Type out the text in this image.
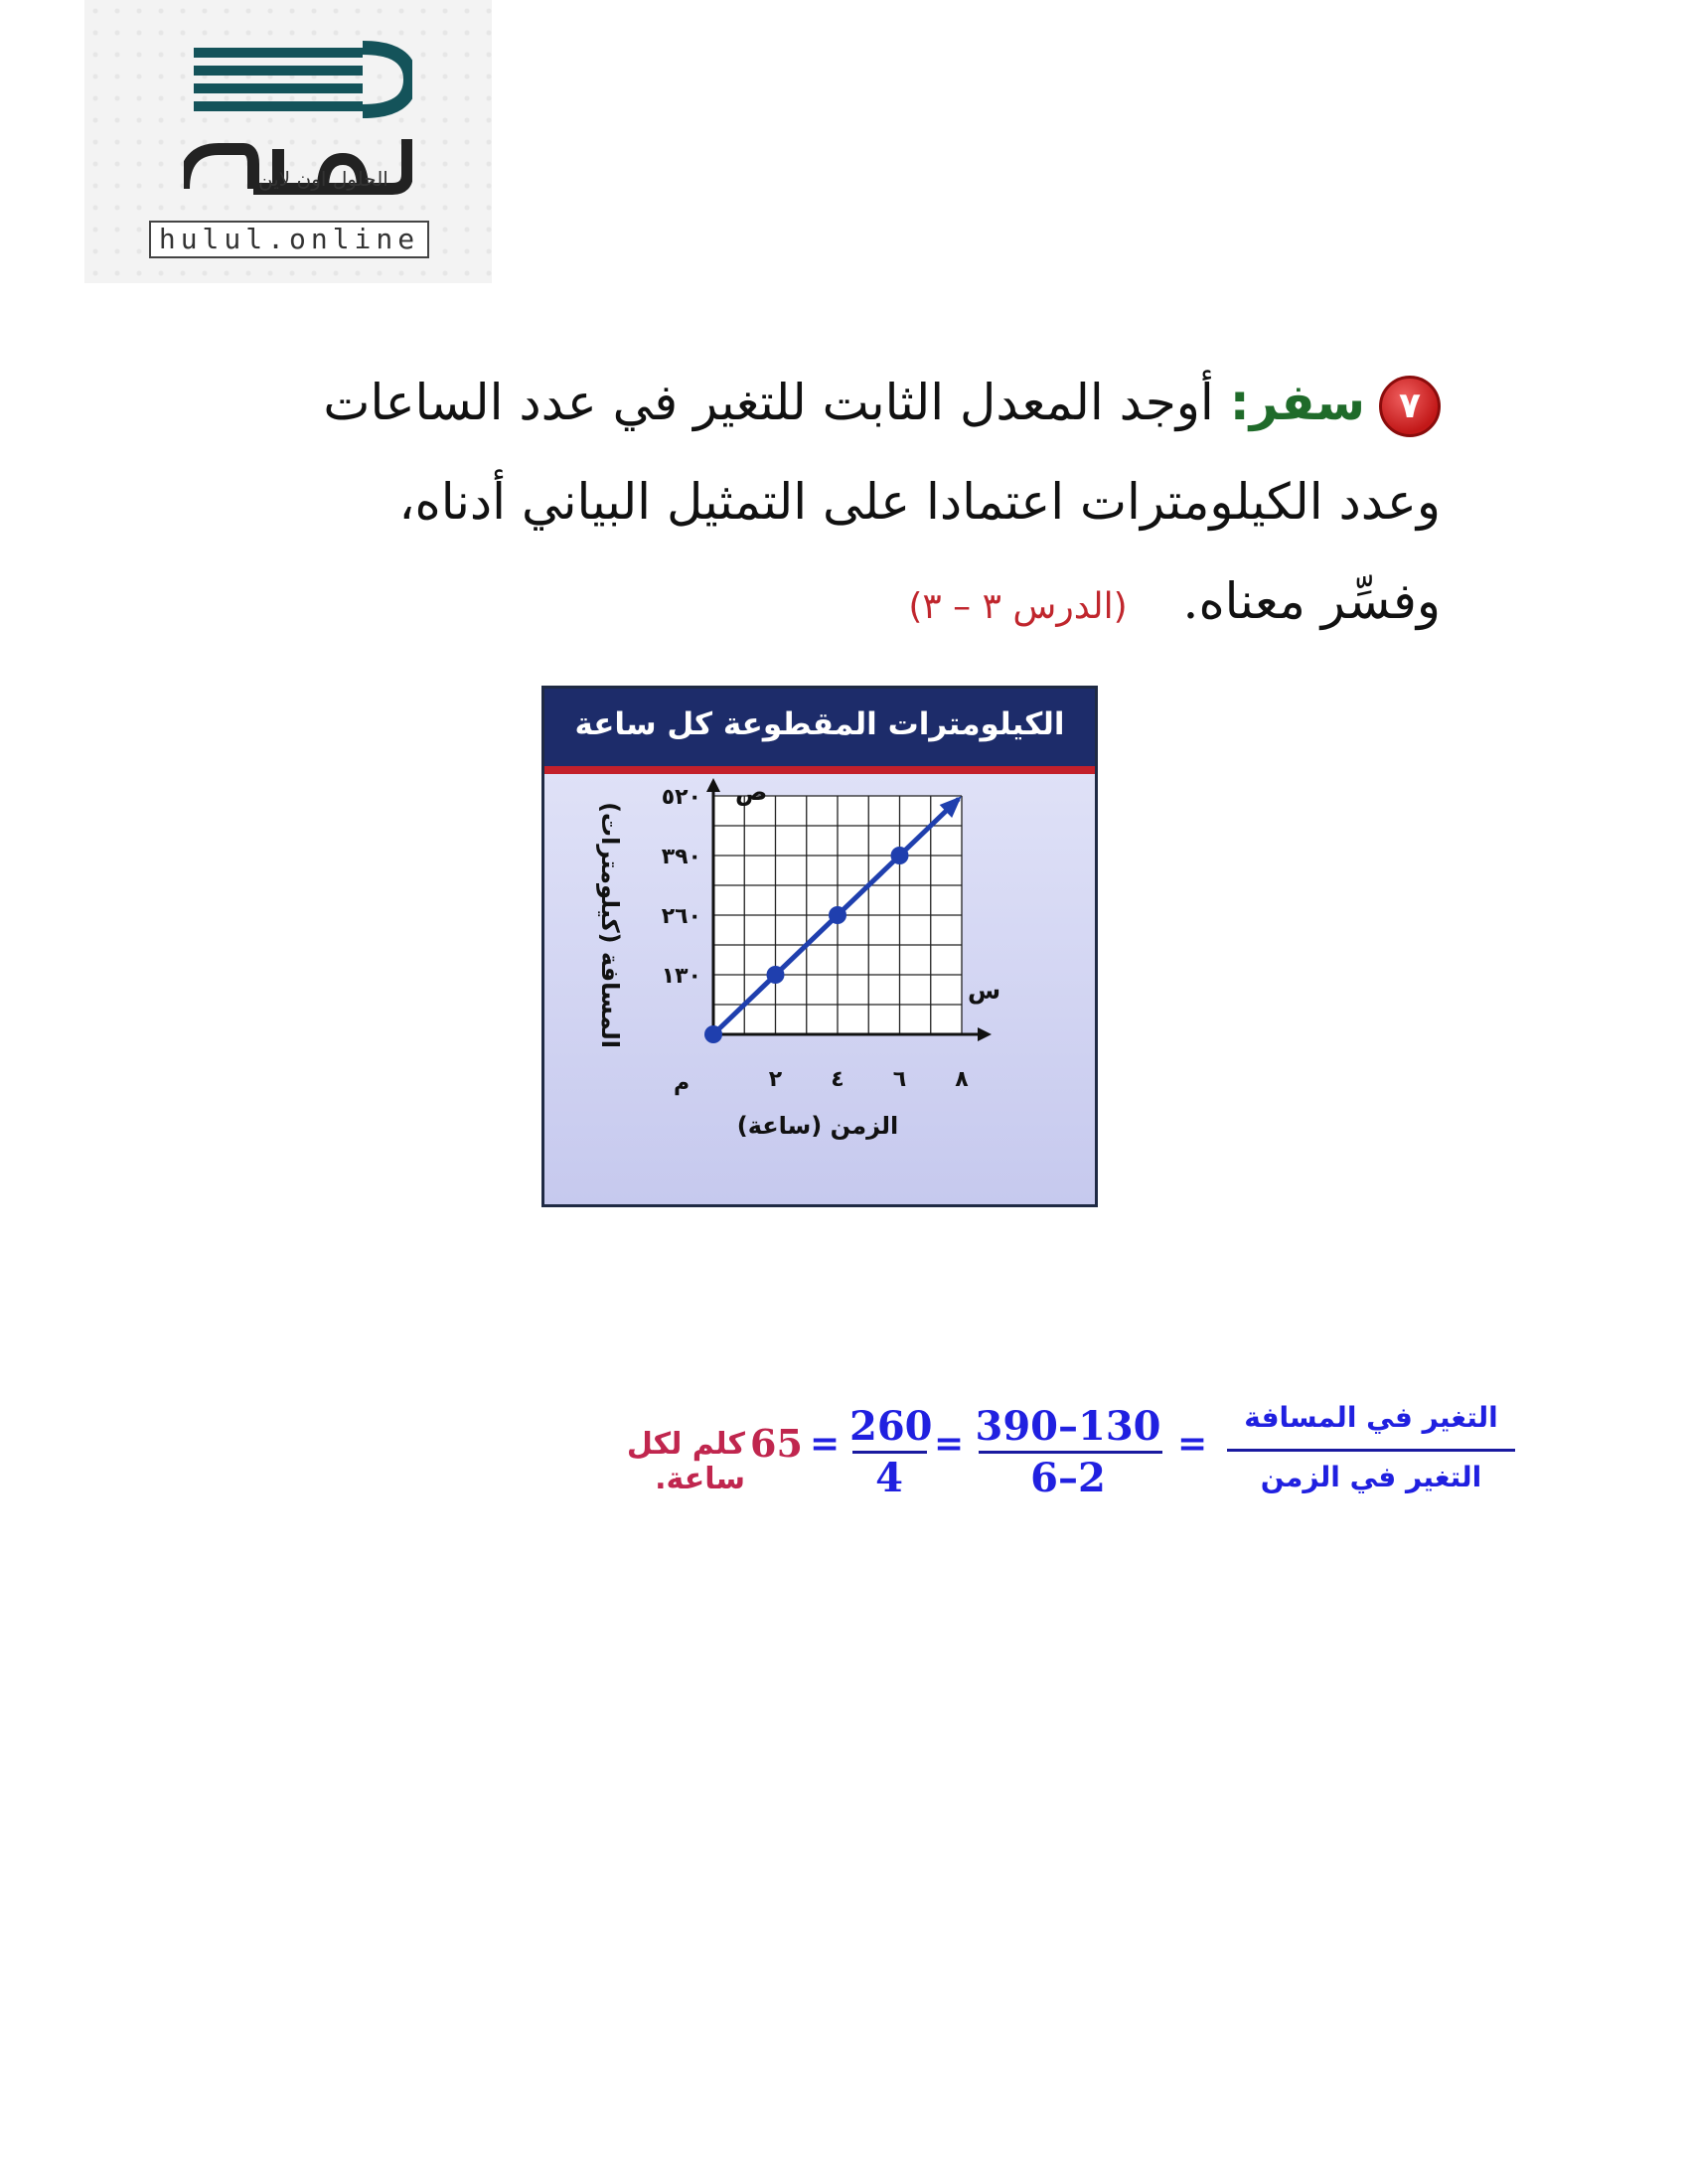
الحلول اون لاين
hulul.online
٧سفر: أوجد المعدل الثابت للتغير في عدد الساعات
وعدد الكيلومترات اعتمادا على التمثيل البياني أدناه،
وفسِّر معناه. (الدرس ٣ – ٣)
الكيلومترات المقطوعة كل ساعة
س
ص
٢ ٤ ٦ ٨
م
١٣٠
٢٦٠
٣٩٠
٥٢٠
الزمن (ساعة)
المسافة (كيلومترات)
التغير في المسافة
التغير في الزمن
=
390–130
6–2
=
260
4
=
65
كلم لكل ساعة.
